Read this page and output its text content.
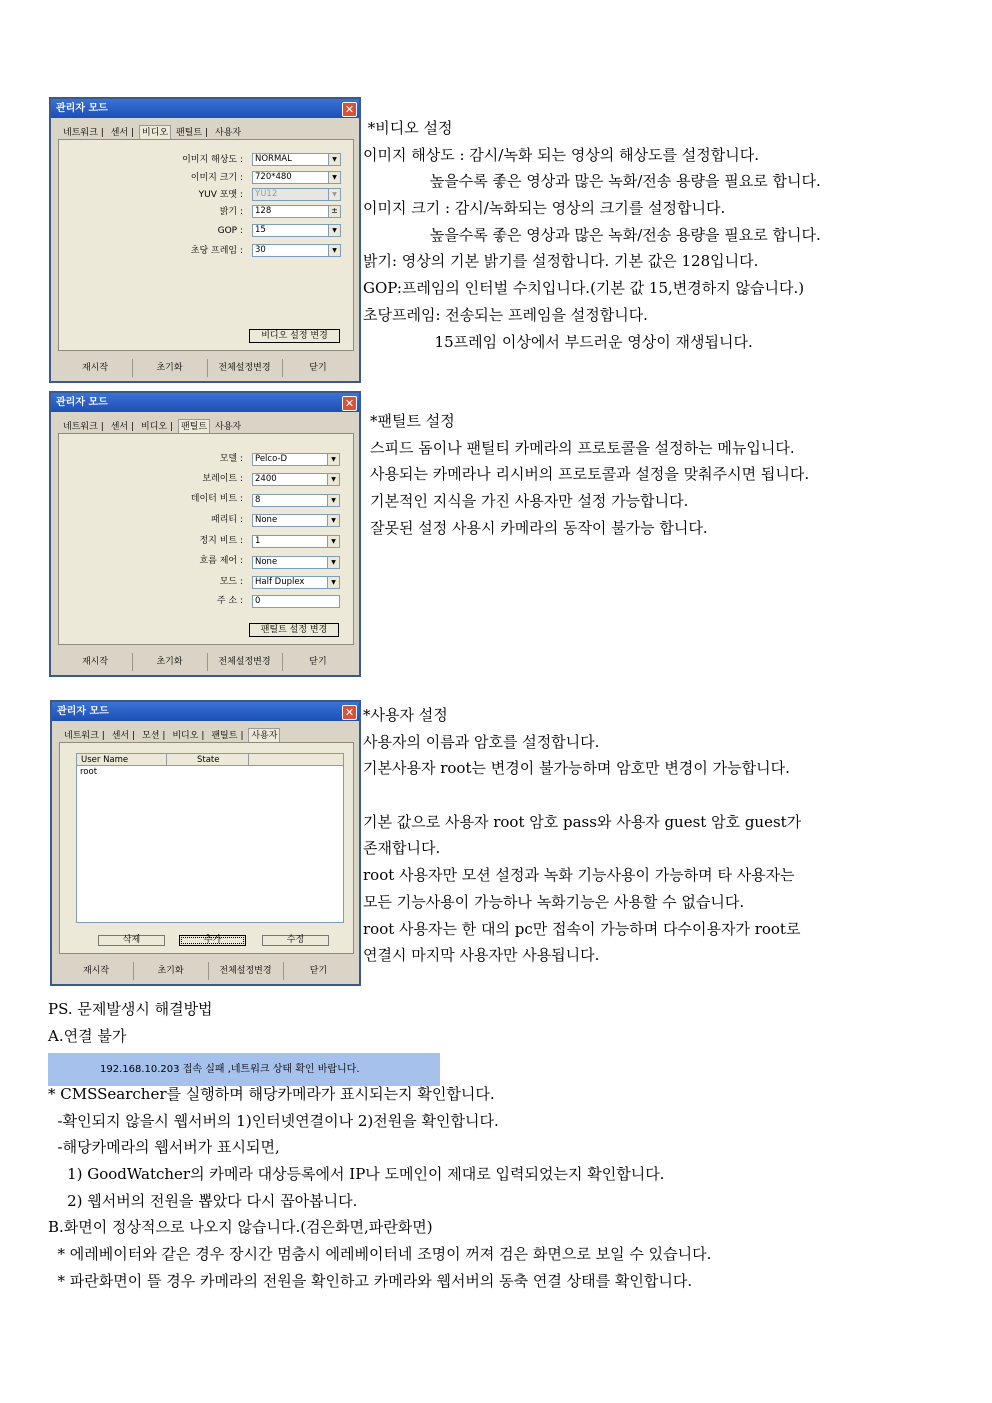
관리자 모드	✕
네트워크 | 센서 | 비디오 팬틸트 | 사용자
이미지 해상도 :	NORMAL	▼
이미지 크기 :	720*480	▼
YUV 포맷 :	YU12	▼
밝기 :	128	±
GOP :	15	▼
초당 프레임 :	30	▼
비디오 설정 변경
재시작	초기화	전체설정변경	닫기
*비디오 설정
이미지 해상도 : 감시/녹화 되는 영상의 해상도를 설정합니다.
높을수록 좋은 영상과 많은 녹화/전송 용량을 필요로 합니다.
이미지 크기 : 감시/녹화되는 영상의 크기를 설정합니다.
높을수록 좋은 영상과 많은 녹화/전송 용량을 필요로 합니다.
밝기: 영상의 기본 밝기를 설정합니다. 기본 값은 128입니다.
GOP:프레임의 인터벌 수치입니다.(기본 값 15,변경하지 않습니다.)
초당프레임: 전송되는 프레임을 설정합니다.
15프레임 이상에서 부드러운 영상이 재생됩니다.
관리자 모드	✕
네트워크 | 센서 | 비디오 | 팬틸트 사용자
모델 :	Pelco-D	▼
보레이트 :	2400	▼
데이터 비트 :	8	▼
패리티 :	None	▼
정지 비트 :	1	▼
흐름 제어 :	None	▼
모드 :	Half Duplex	▼
주 소 :	0
팬틸트 설정 변경
재시작	초기화	전체설정변경	닫기
*팬틸트 설정
스피드 돔이나 팬틸티 카메라의 프로토콜을 설정하는 메뉴입니다.
사용되는 카메라나 리시버의 프로토콜과 설정을 맞춰주시면 됩니다.
기본적인 지식을 가진 사용자만 설정 가능합니다.
잘못된 설정 사용시 카메라의 동작이 불가능 합니다.
관리자 모드	✕
네트워크 | 센서 | 모션 | 비디오 | 팬틸트 | 사용자
User Name	State
root
삭제	추가	수정
재시작	초기화	전체설정변경	닫기
*사용자 설정
사용자의 이름과 암호를 설정합니다.
기본사용자 root는 변경이 불가능하며 암호만 변경이 가능합니다.
기본 값으로 사용자 root 암호 pass와 사용자 guest 암호 guest가
존재합니다.
root 사용자만 모션 설정과 녹화 기능사용이 가능하며 타 사용자는
모든 기능사용이 가능하나 녹화기능은 사용할 수 없습니다.
root 사용자는 한 대의 pc만 접속이 가능하며 다수이용자가 root로
연결시 마지막 사용자만 사용됩니다.
PS. 문제발생시 해결방법
A.연결 불가
192.168.10.203 접속 실패 ,네트워크 상태 확인 바랍니다.
* CMSSearcher를 실행하며 해당카메라가 표시되는지 확인합니다.
-확인되지 않을시 웹서버의 1)인터넷연결이나 2)전원을 확인합니다.
-해당카메라의 웹서버가 표시되면,
1) GoodWatcher의 카메라 대상등록에서 IP나 도메인이 제대로 입력되었는지 확인합니다.
2) 웹서버의 전원을 뽑았다 다시 꼽아봅니다.
B.화면이 정상적으로 나오지 않습니다.(검은화면,파란화면)
* 에레베이터와 같은 경우 장시간 멈춤시 에레베이터네 조명이 꺼져 검은 화면으로 보일 수 있습니다.
* 파란화면이 뜰 경우 카메라의 전원을 확인하고 카메라와 웹서버의 동축 연결 상태를 확인합니다.
